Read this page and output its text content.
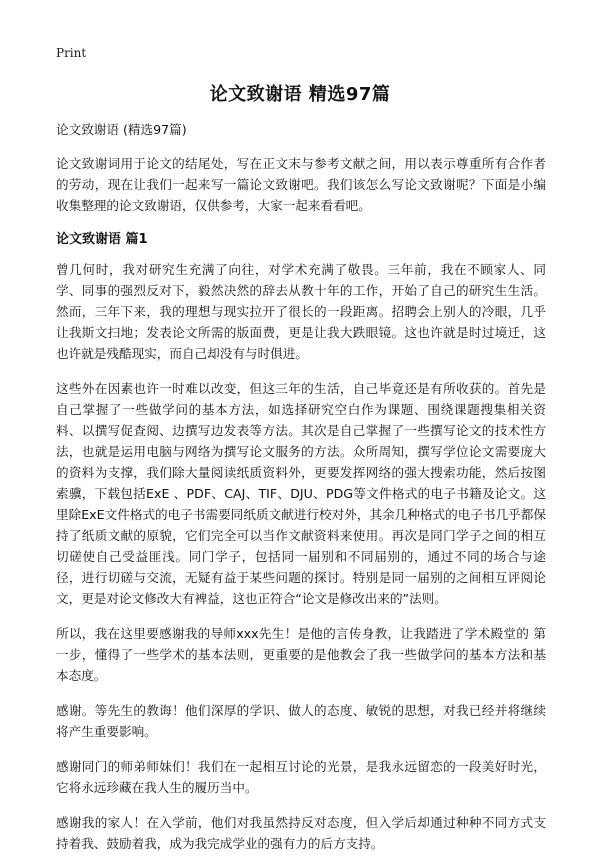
Print
论文致谢语 精选97篇

论文致谢语 (精选97篇)

论文致谢词用于论文的结尾处，写在正文末与参考文献之间，用以表示尊重所有合作者的劳动，现在让我们一起来写一篇论文致谢吧。我们该怎么写论文致谢呢？下面是小编收集整理的论文致谢语，仅供参考，大家一起来看看吧。

论文致谢语 篇1

曾几何时，我对研究生充满了向往，对学术充满了敬畏。三年前，我在不顾家人、同学、同事的强烈反对下，毅然决然的辞去从教十年的工作，开始了自己的研究生生活。然而，三年下来，我的理想与现实拉开了很长的一段距离。招聘会上别人的冷眼，几乎让我斯文扫地；发表论文所需的版面费，更是让我大跌眼镜。这也许就是时过境迁，这也许就是残酷现实，而自己却没有与时俱进。

这些外在因素也许一时难以改变，但这三年的生活，自己毕竟还是有所收获的。首先是自己掌握了一些做学问的基本方法，如选择研究空白作为课题、围绕课题搜集相关资料、以撰写促查阅、边撰写边发表等方法。其次是自己掌握了一些撰写论文的技术性方法，也就是运用电脑与网络为撰写论文服务的方法。众所周知，撰写学位论文需要庞大的资料为支撑，我们除大量阅读纸质资料外，更要发挥网络的强大搜索功能，然后按图索骥，下载包括ExE 、PDF、CAJ、TIF、DJU、PDG等文件格式的电子书籍及论文。这里除ExE文件格式的电子书需要同纸质文献进行校对外，其余几种格式的电子书几乎都保持了纸质文献的原貌，它们完全可以当作文献资料来使用。再次是同门学子之间的相互切磋使自己受益匪浅。同门学子，包括同一届别和不同届别的，通过不同的场合与途径，进行切磋与交流，无疑有益于某些问题的探讨。特别是同一届别的之间相互评阅论文，更是对论文修改大有裨益，这也正符合“论文是修改出来的”法则。

所以，我在这里要感谢我的导师xxx先生！是他的言传身教，让我踏进了学术殿堂的 第一步，懂得了一些学术的基本法则，更重要的是他教会了我一些做学问的基本方法和基本态度。

感谢。等先生的教诲！他们深厚的学识、做人的态度、敏锐的思想，对我已经并将继续将产生重要影响。

感谢同门的师弟师妹们！我们在一起相互讨论的光景，是我永远留恋的一段美好时光，它将永远珍藏在我人生的履历当中。

感谢我的家人！在入学前，他们对我虽然持反对态度，但入学后却通过种种不同方式支持着我、鼓励着我，成为我完成学业的强有力的后方支持。
